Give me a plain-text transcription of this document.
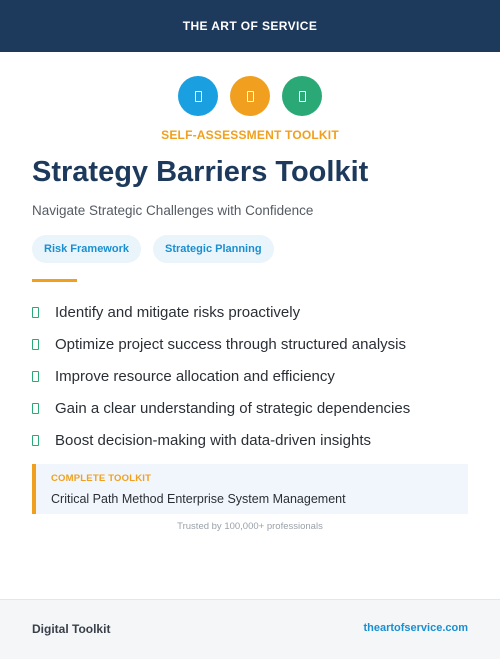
THE ART OF SERVICE
SELF-ASSESSMENT TOOLKIT
Strategy Barriers Toolkit
Navigate Strategic Challenges with Confidence
Risk Framework	Strategic Planning
Identify and mitigate risks proactively
Optimize project success through structured analysis
Improve resource allocation and efficiency
Gain a clear understanding of strategic dependencies
Boost decision-making with data-driven insights
COMPLETE TOOLKIT
Critical Path Method Enterprise System Management
Trusted by 100,000+ professionals
Digital Toolkit	theartofservice.com
